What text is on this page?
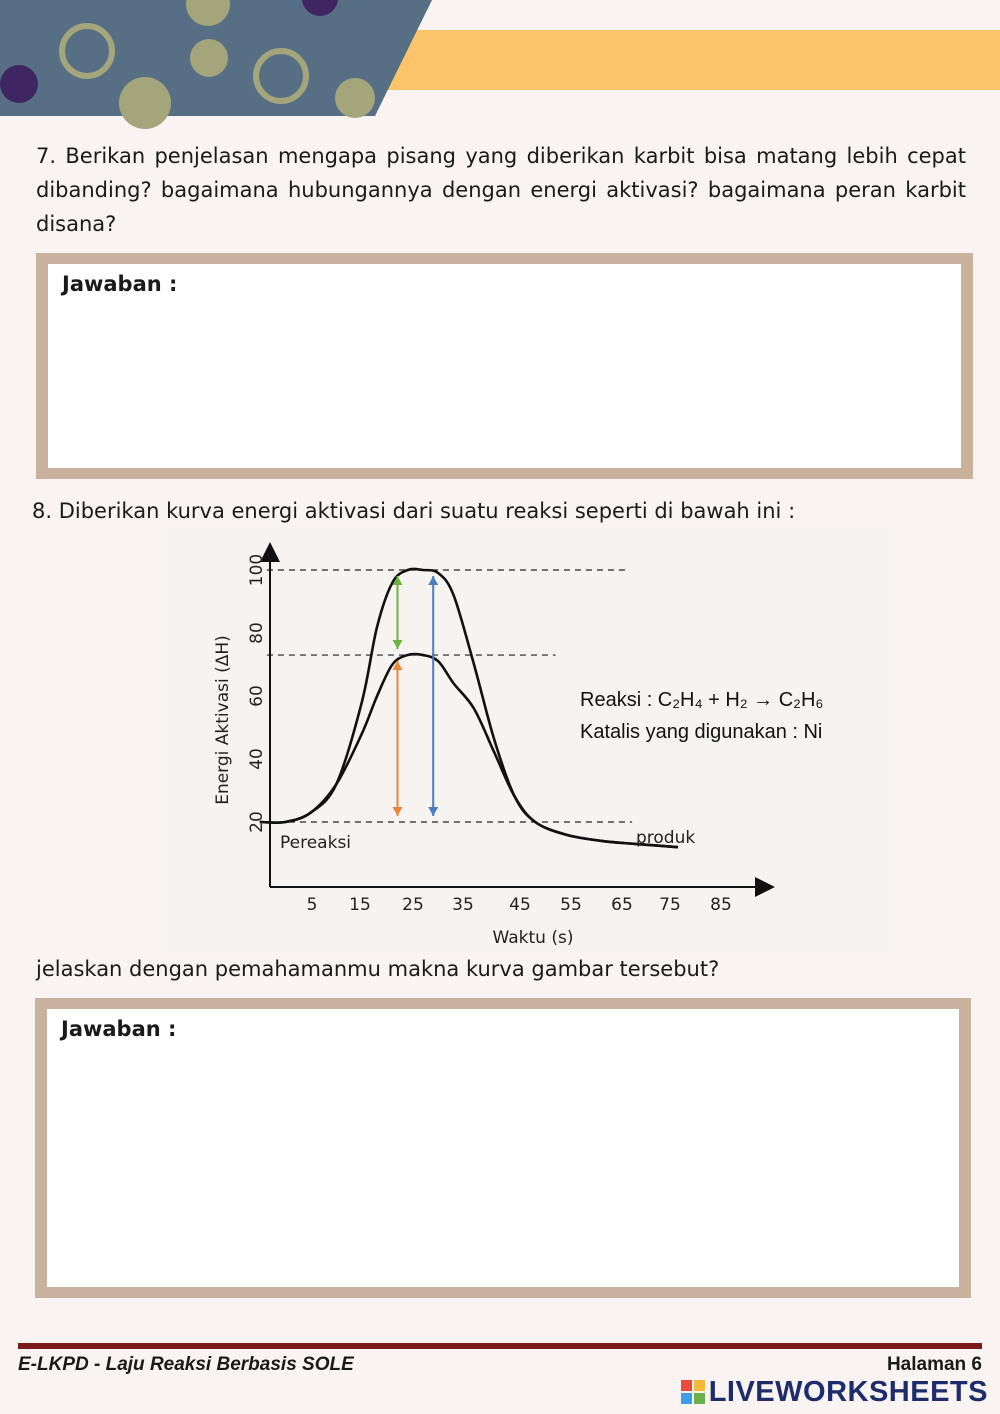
7. Berikan penjelasan mengapa pisang yang diberikan karbit bisa matang lebih cepat dibanding? bagaimana hubungannya dengan energi aktivasi? bagaimana peran karbit disana?
Jawaban :
8. Diberikan kurva energi aktivasi dari suatu reaksi seperti di bawah ini :
5 15 25 35 45 55 65 75 85
20
40
60
80
100
Waktu (s)
Energi Aktivasi (ΔH)
Pereaksi	produk
Reaksi : C₂H₄ + H₂ → C₂H₆
Katalis yang digunakan : Ni
jelaskan dengan pemahamanmu makna kurva gambar tersebut?
Jawaban :
E-LKPD - Laju Reaksi Berbasis SOLE	Halaman 6
LIVEWORKSHEETS
